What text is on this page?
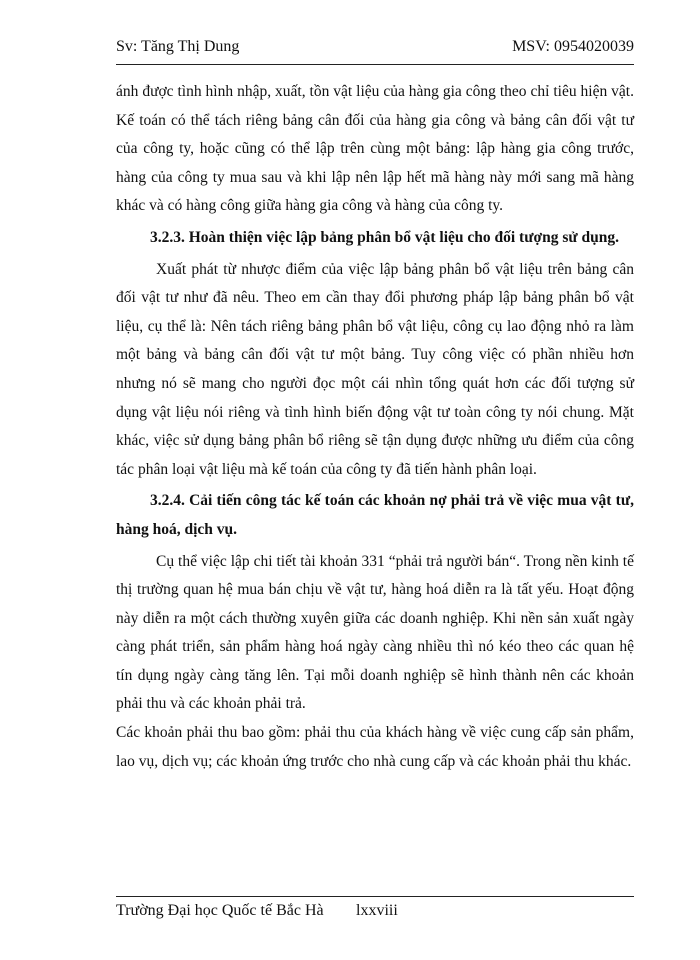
Sv: Tăng Thị Dung	MSV: 0954020039

ánh được tình hình nhập, xuất, tồn vật liệu của hàng gia công theo chỉ tiêu hiện vật. Kế toán có thể tách riêng bảng cân đối của hàng gia công và bảng cân đối vật tư của công ty, hoặc cũng có thể lập trên cùng một bảng: lập hàng gia công trước, hàng của công ty mua sau và khi lập nên lập hết mã hàng này mới sang mã hàng khác và có hàng công giữa hàng gia công và hàng của công ty.

3.2.3. Hoàn thiện việc lập bảng phân bổ vật liệu cho đối tượng sử dụng.

Xuất phát từ nhược điểm của việc lập bảng phân bổ vật liệu trên bảng cân đối vật tư như đã nêu. Theo em cần thay đổi phương pháp lập bảng phân bổ vật liệu, cụ thể là: Nên tách riêng bảng phân bổ vật liệu, công cụ lao động nhỏ ra làm một bảng và bảng cân đối vật tư một bảng. Tuy công việc có phần nhiều hơn nhưng nó sẽ mang cho người đọc một cái nhìn tổng quát hơn các đối tượng sử dụng vật liệu nói riêng và tình hình biến động vật tư toàn công ty nói chung. Mặt khác, việc sử dụng bảng phân bổ riêng sẽ tận dụng được những ưu điểm của công tác phân loại vật liệu mà kế toán của công ty đã tiến hành phân loại.

3.2.4. Cải tiến công tác kế toán các khoản nợ phải trả về việc mua vật tư, hàng hoá, dịch vụ.

Cụ thể việc lập chi tiết tài khoản 331 “phải trả người bán“. Trong nền kinh tế thị trường quan hệ mua bán chịu về vật tư, hàng hoá diễn ra là tất yếu. Hoạt động này diễn ra một cách thường xuyên giữa các doanh nghiệp. Khi nền sản xuất ngày càng phát triển, sản phẩm hàng hoá ngày càng nhiều thì nó kéo theo các quan hệ tín dụng ngày càng tăng lên. Tại mỗi doanh nghiệp sẽ hình thành nên các khoản phải thu và các khoản phải trả.

Các khoản phải thu bao gồm: phải thu của khách hàng về việc cung cấp sản phẩm, lao vụ, dịch vụ; các khoản ứng trước cho nhà cung cấp và các khoản phải thu khác.

Trường Đại học Quốc tế Bắc Hà lxxviii
